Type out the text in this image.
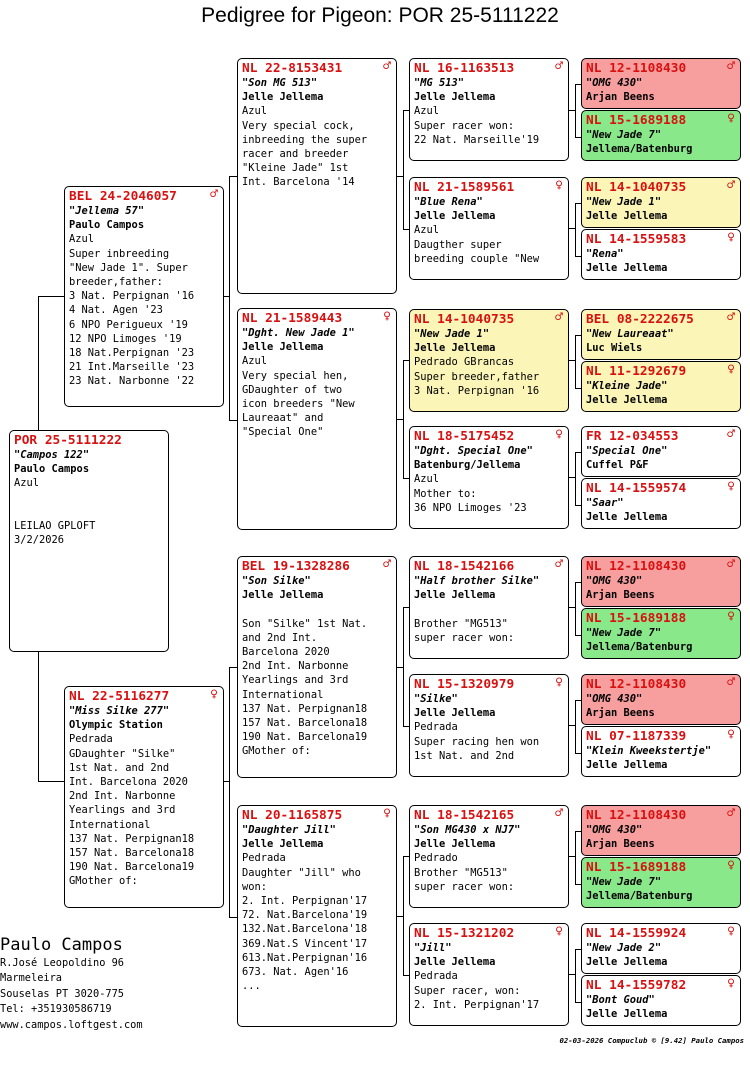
Pedigree for Pigeon: POR 25-5111222
POR 25-5111222
"Campos 122"
Paulo Campos
Azul

LEILAO GPLOFT
3/2/2026
BEL 24-2046057	♂
"Jellema 57"
Paulo Campos
Azul
Super inbreeding
"New Jade 1". Super
breeder,father:
3 Nat. Perpignan '16
4 Nat. Agen '23
6 NPO Perigueux '19
12 NPO Limoges '19
18 Nat.Perpignan '23
21 Int.Marseille '23
23 Nat. Narbonne '22
NL 22-5116277	♀
"Miss Silke 277"
Olympic Station
Pedrada
GDaughter "Silke"
1st Nat. and 2nd
Int. Barcelona 2020
2nd Int. Narbonne
Yearlings and 3rd
International
137 Nat. Perpignan18
157 Nat. Barcelona18
190 Nat. Barcelona19
GMother of:
NL 22-8153431	♂
"Son MG 513"
Jelle Jellema
Azul
Very special cock,
inbreeding the super
racer and breeder
"Kleine Jade" 1st
Int. Barcelona '14
NL 21-1589443	♀
"Dght. New Jade 1"
Jelle Jellema
Azul
Very special hen,
GDaughter of two
icon breeders "New
Laureaat" and
"Special One"
BEL 19-1328286	♂
"Son Silke"
Jelle Jellema

Son "Silke" 1st Nat.
and 2nd Int.
Barcelona 2020
2nd Int. Narbonne
Yearlings and 3rd
International
137 Nat. Perpignan18
157 Nat. Barcelona18
190 Nat. Barcelona19
GMother of:
NL 20-1165875	♀
"Daughter Jill"
Jelle Jellema
Pedrada
Daughter "Jill" who
won:
2. Int. Perpignan'17
72. Nat.Barcelona'19
132.Nat.Barcelona'18
369.Nat.S Vincent'17
613.Nat.Perpignan'16
673. Nat. Agen'16
...
NL 16-1163513	♂
"MG 513"
Jelle Jellema
Azul
Super racer won:
22 Nat. Marseille'19
NL 21-1589561	♀
"Blue Rena"
Jelle Jellema
Azul
Daugther super
breeding couple "New
NL 14-1040735	♂
"New Jade 1"
Jelle Jellema
Pedrado GBrancas
Super breeder,father
3 Nat. Perpignan '16
NL 18-5175452	♀
"Dght. Special One"
Batenburg/Jellema
Azul
Mother to:
36 NPO Limoges '23
NL 18-1542166	♂
"Half brother Silke"
Jelle Jellema

Brother "MG513"
super racer won:
NL 15-1320979	♀
"Silke"
Jelle Jellema
Pedrada
Super racing hen won
1st Nat. and 2nd
NL 18-1542165	♂
"Son MG430 x NJ7"
Jelle Jellema
Pedrado
Brother "MG513"
super racer won:
NL 15-1321202	♀
"Jill"
Jelle Jellema
Pedrada
Super racer, won:
2. Int. Perpignan'17
NL 12-1108430	♂
"OMG 430"
Arjan Beens
NL 15-1689188	♀
"New Jade 7"
Jellema/Batenburg
NL 14-1040735	♂
"New Jade 1"
Jelle Jellema
NL 14-1559583	♀
"Rena"
Jelle Jellema
BEL 08-2222675	♂
"New Laureaat"
Luc Wiels
NL 11-1292679	♀
"Kleine Jade"
Jelle Jellema
FR 12-034553	♂
"Special One"
Cuffel P&F
NL 14-1559574	♀
"Saar"
Jelle Jellema
NL 12-1108430	♂
"OMG 430"
Arjan Beens
NL 15-1689188	♀
"New Jade 7"
Jellema/Batenburg
NL 12-1108430	♂
"OMG 430"
Arjan Beens
NL 07-1187339	♀
"Klein Kweekstertje"
Jelle Jellema
NL 12-1108430	♂
"OMG 430"
Arjan Beens
NL 15-1689188	♀
"New Jade 7"
Jellema/Batenburg
NL 14-1559924	♀
"New Jade 2"
Jelle Jellema
NL 14-1559782	♀
"Bont Goud"
Jelle Jellema
Paulo Campos
R.José Leopoldino 96
Marmeleira
Souselas PT 3020-775
Tel: +351930586719
www.campos.loftgest.com
02-03-2026 Compuclub © [9.42] Paulo Campos
